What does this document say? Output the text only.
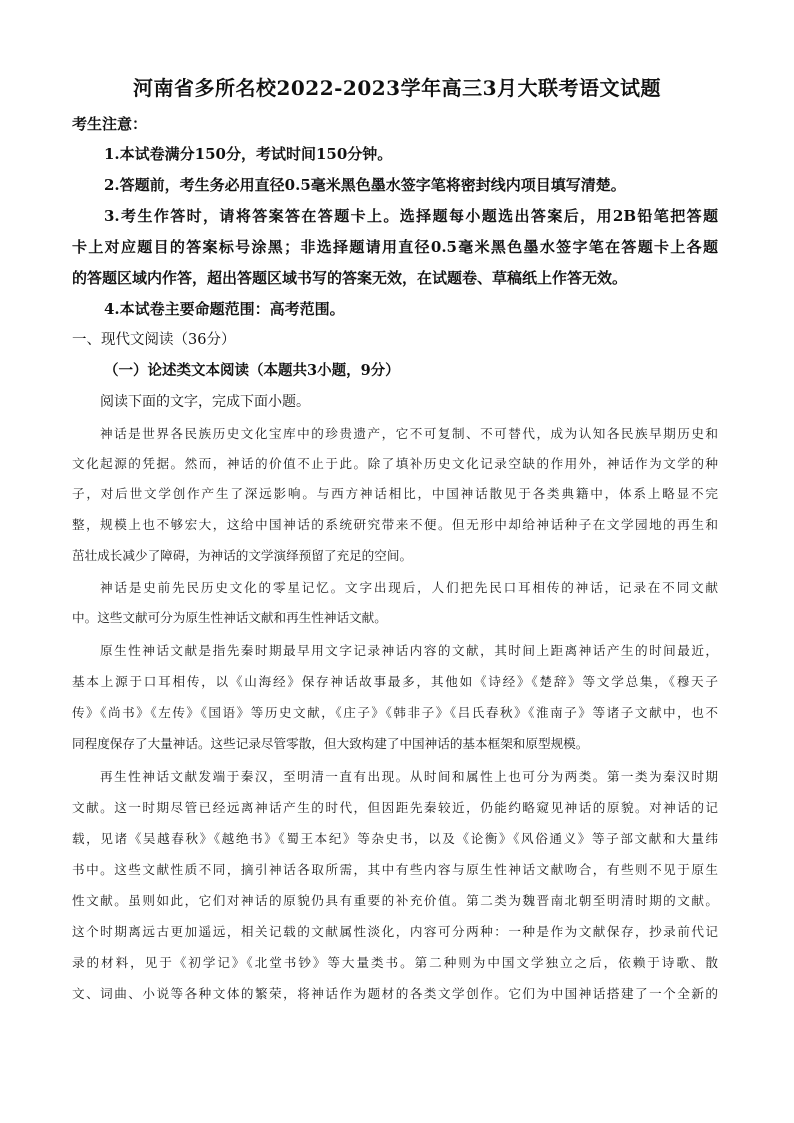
河南省多所名校2022-2023学年高三3月大联考语文试题
考生注意：
1.本试卷满分150分，考试时间150分钟。
2.答题前，考生务必用直径0.5毫米黑色墨水签字笔将密封线内项目填写清楚。
3.考生作答时，请将答案答在答题卡上。选择题每小题选出答案后，用2B铅笔把答题
卡上对应题目的答案标号涂黑；非选择题请用直径0.5毫米黑色墨水签字笔在答题卡上各题
的答题区域内作答，超出答题区域书写的答案无效，在试题卷、草稿纸上作答无效。
4.本试卷主要命题范围：高考范围。
一、现代文阅读（36分）
（一）论述类文本阅读（本题共3小题，9分）
阅读下面的文字，完成下面小题。
神话是世界各民族历史文化宝库中的珍贵遗产，它不可复制、不可替代，成为认知各民族早期历史和
文化起源的凭据。然而，神话的价值不止于此。除了填补历史文化记录空缺的作用外，神话作为文学的种
子，对后世文学创作产生了深远影响。与西方神话相比，中国神话散见于各类典籍中，体系上略显不完
整，规模上也不够宏大，这给中国神话的系统研究带来不便。但无形中却给神话种子在文学园地的再生和
茁壮成长减少了障碍，为神话的文学演绎预留了充足的空间。
神话是史前先民历史文化的零星记忆。文字出现后，人们把先民口耳相传的神话，记录在不同文献
中。这些文献可分为原生性神话文献和再生性神话文献。
原生性神话文献是指先秦时期最早用文字记录神话内容的文献，其时间上距离神话产生的时间最近，
基本上源于口耳相传，以《山海经》保存神话故事最多，其他如《诗经》《楚辞》等文学总集，《穆天子
传》《尚书》《左传》《国语》等历史文献，《庄子》《韩非子》《吕氏春秋》《淮南子》等诸子文献中，也不
同程度保存了大量神话。这些记录尽管零散，但大致构建了中国神话的基本框架和原型规模。
再生性神话文献发端于秦汉，至明清一直有出现。从时间和属性上也可分为两类。第一类为秦汉时期
文献。这一时期尽管已经远离神话产生的时代，但因距先秦较近，仍能约略窥见神话的原貌。对神话的记
载，见诸《吴越春秋》《越绝书》《蜀王本纪》等杂史书，以及《论衡》《风俗通义》等子部文献和大量纬
书中。这些文献性质不同，摘引神话各取所需，其中有些内容与原生性神话文献吻合，有些则不见于原生
性文献。虽则如此，它们对神话的原貌仍具有重要的补充价值。第二类为魏晋南北朝至明清时期的文献。
这个时期离远古更加遥远，相关记载的文献属性淡化，内容可分两种：一种是作为文献保存，抄录前代记
录的材料，见于《初学记》《北堂书钞》等大量类书。第二种则为中国文学独立之后，依赖于诗歌、散
文、词曲、小说等各种文体的繁荣，将神话作为题材的各类文学创作。它们为中国神话搭建了一个全新的
